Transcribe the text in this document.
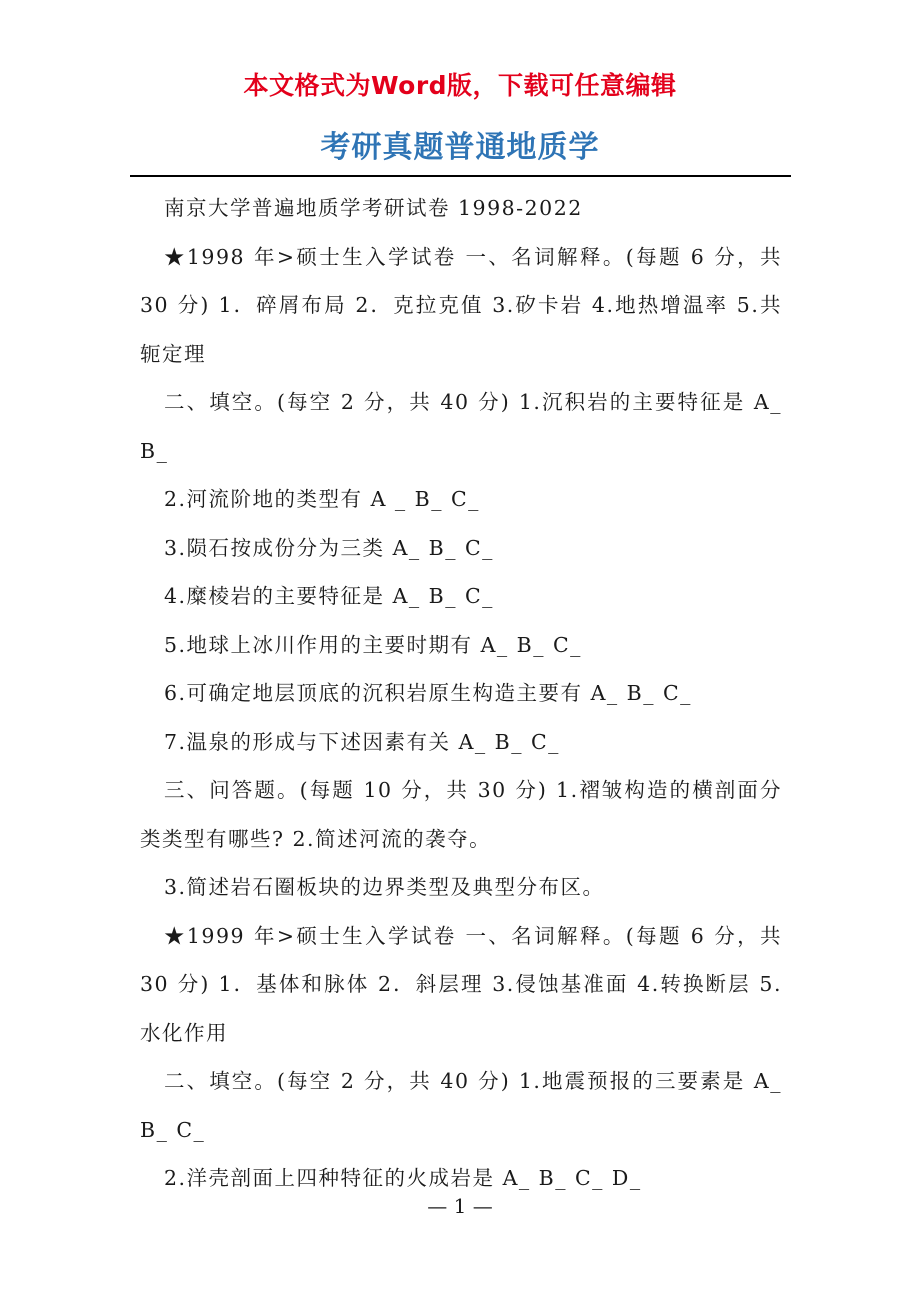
本文格式为Word版，下载可任意编辑
考研真题普通地质学

南京大学普遍地质学考研试卷 1998-2022

★1998 年>硕士生入学试卷 一、名词解释。(每题 6 分，共 30 分) 1．碎屑布局 2．克拉克值 3.矽卡岩 4.地热增温率 5.共轭定理

二、填空。(每空 2 分，共 40 分) 1.沉积岩的主要特征是 A_ B_

2.河流阶地的类型有 A _ B_ C_

3.陨石按成份分为三类 A_ B_ C_

4.糜棱岩的主要特征是 A_ B_ C_

5.地球上冰川作用的主要时期有 A_ B_ C_

6.可确定地层顶底的沉积岩原生构造主要有 A_ B_ C_

7.温泉的形成与下述因素有关 A_ B_ C_

三、问答题。(每题 10 分，共 30 分) 1.褶皱构造的横剖面分类类型有哪些? 2.简述河流的袭夺。

3.简述岩石圈板块的边界类型及典型分布区。

★1999 年>硕士生入学试卷 一、名词解释。(每题 6 分，共 30 分) 1．基体和脉体 2．斜层理 3.侵蚀基准面 4.转换断层 5.水化作用

二、填空。(每空 2 分，共 40 分) 1.地震预报的三要素是 A_ B_ C_

2.洋壳剖面上四种特征的火成岩是 A_ B_ C_ D_

— 1 —
